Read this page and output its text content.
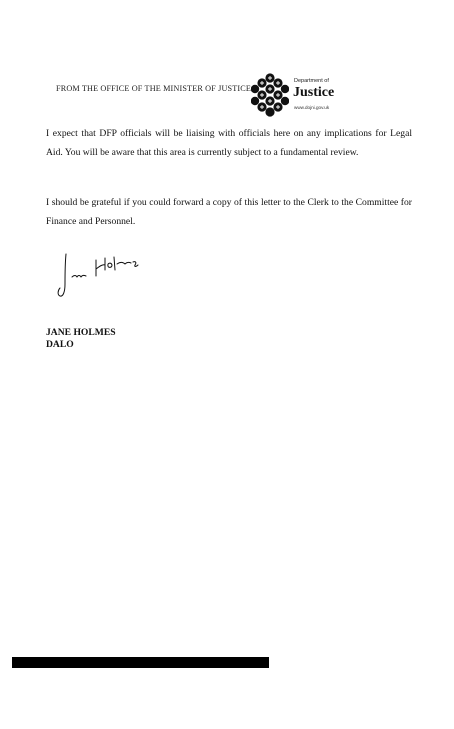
FROM THE OFFICE OF THE MINISTER OF JUSTICE
Department of
Justice
www.dojni.gov.uk

I expect that DFP officials will be liaising with officials here on any implications for Legal Aid. You will be aware that this area is currently subject to a fundamental review.

I should be grateful if you could forward a copy of this letter to the Clerk to the Committee for Finance and Personnel.

JANE HOLMES
DALO
